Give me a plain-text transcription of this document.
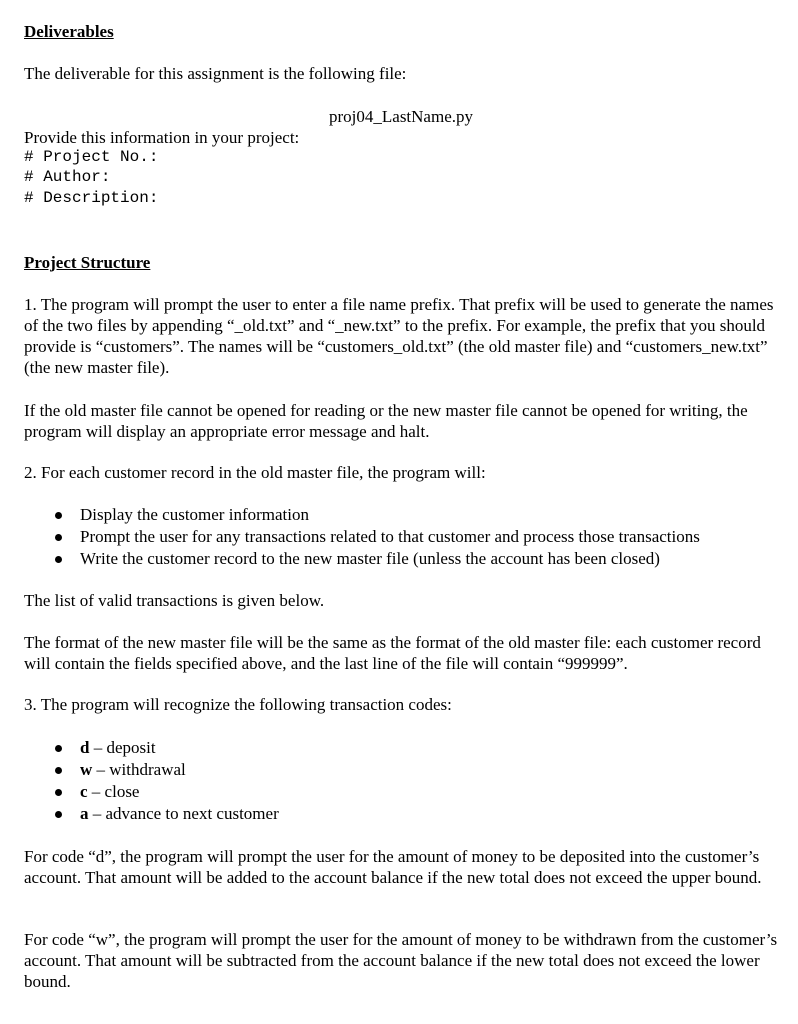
Deliverables

The deliverable for this assignment is the following file:

proj04_LastName.py

Provide this information in your project:

# Project No.:
# Author:
# Description:
Project Structure

1. The program will prompt the user to enter a file name prefix. That prefix will be used to generate the names of the two files by appending “_old.txt” and “_new.txt” to the prefix. For example, the prefix that you should provide is “customers”. The names will be “customers_old.txt” (the old master file) and “customers_new.txt” (the new master file).

If the old master file cannot be opened for reading or the new master file cannot be opened for writing, the program will display an appropriate error message and halt.

2. For each customer record in the old master file, the program will:

Display the customer information
Prompt the user for any transactions related to that customer and process those transactions
Write the customer record to the new master file (unless the account has been closed)

The list of valid transactions is given below.

The format of the new master file will be the same as the format of the old master file: each customer record will contain the fields specified above, and the last line of the file will contain “999999”.

3. The program will recognize the following transaction codes:

d – deposit
w – withdrawal
c – close
a – advance to next customer

For code “d”, the program will prompt the user for the amount of money to be deposited into the customer’s account. That amount will be added to the account balance if the new total does not exceed the upper bound.

For code “w”, the program will prompt the user for the amount of money to be withdrawn from the customer’s account. That amount will be subtracted from the account balance if the new total does not exceed the lower bound.
